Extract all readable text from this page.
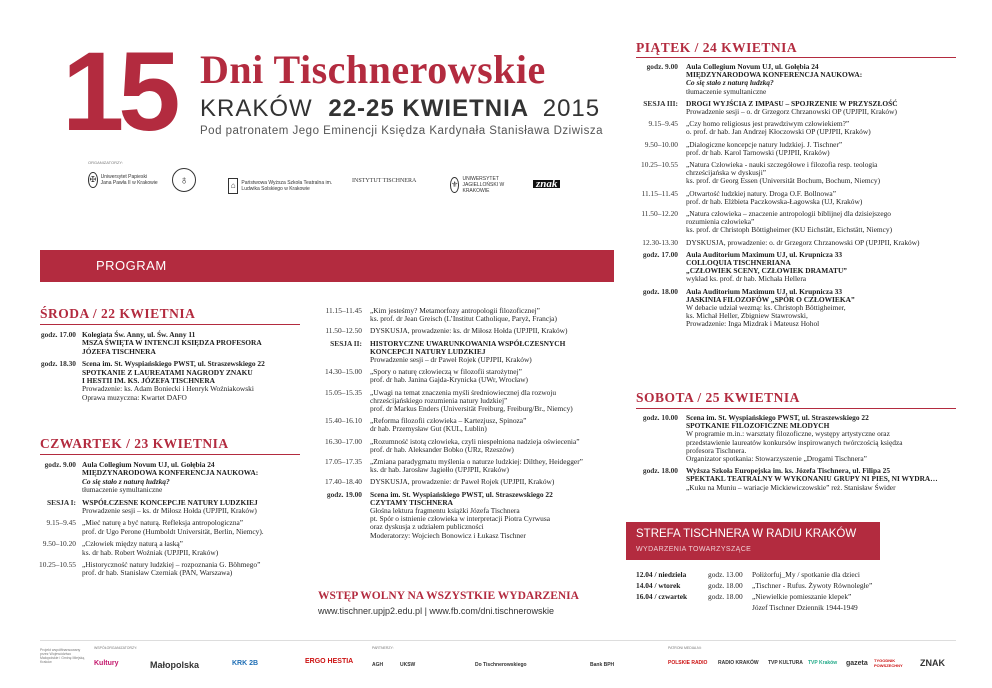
15 Dni Tischnerowskie
KRAKÓW 22-25 KWIETNIA 2015
Pod patronatem Jego Eminencji Księdza Kardynała Stanisława Dziwisza
ORGANIZATORZY:
✠ Uniwersytet Papieski Jana Pawła II w Krakowie	♁	⌂	Państwowa Wyższa Szkoła Teatralna im. Ludwika Solskiego w Krakowie
INSTYTUT TISCHNERA	⚜
UNIWERSYTET JAGIELLOŃSKI W KRAKOWIE
znak
PROGRAM
ŚRODA / 22 KWIETNIA
godz. 17.00 Kolegiata Św. Anny, ul. Św. Anny 11
MSZA ŚWIĘTA W INTENCJI KSIĘDZA PROFESORA
JÓZEFA TISCHNERA
godz. 18.30 Scena im. St. Wyspiańskiego PWST, ul. Straszewskiego 22
SPOTKANIE Z LAUREATAMI NAGRODY ZNAKU
I HESTII IM. KS. JÓZEFA TISCHNERA
Prowadzenie: ks. Adam Boniecki i Henryk Woźniakowski
Oprawa muzyczna: Kwartet DAFO
CZWARTEK / 23 KWIETNIA
godz. 9.00 Aula Collegium Novum UJ, ul. Gołębia 24
MIĘDZYNARODOWA KONFERENCJA NAUKOWA:
Co się stało z naturą ludzką?
tłumaczenie symultaniczne
SESJA I: WSPÓŁCZESNE KONCEPCJE NATURY LUDZKIEJ
Prowadzenie sesji – ks. dr Miłosz Hołda (UPJPII, Kraków)
9.15–9.45 „Mieć naturę a być naturą. Refleksja antropologiczna”
prof. dr Ugo Perone (Humboldt Universität, Berlin, Niemcy).
9.50–10.20 „Człowiek między naturą a łaską”
ks. dr hab. Robert Woźniak (UPJPII, Kraków)
10.25–10.55 „Historyczność natury ludzkiej – rozpoznania G. Böhmego”
prof. dr hab. Stanisław Czerniak (PAN, Warszawa)
11.15–11.45 „Kim jesteśmy? Metamorfozy antropologii filozoficznej”
ks. prof. dr Jean Greisch (L’Institut Catholique, Paryż, Francja)
11.50–12.50 DYSKUSJA, prowadzenie: ks. dr Miłosz Hołda (UPJPII, Kraków)
SESJA II: HISTORYCZNE UWARUNKOWANIA WSPÓŁCZESNYCH
KONCEPCJI NATURY LUDZKIEJ
Prowadzenie sesji – dr Paweł Rojek (UPJPII, Kraków)
14.30–15.00 „Spory o naturę człowieczą w filozofii starożytnej”
prof. dr hab. Janina Gajda-Krynicka (UWr, Wrocław)
15.05–15.35 „Uwagi na temat znaczenia myśli średniowiecznej dla rozwoju
chrześcijańskiego rozumienia natury ludzkiej”
prof. dr Markus Enders (Universität Freiburg, Freiburg/Br., Niemcy)
15.40–16.10 „Reforma filozofii człowieka – Kartezjusz, Spinoza”
dr hab. Przemysław Gut (KUL, Lublin)
16.30–17.00 „Rozumność istotą człowieka, czyli niespełniona nadzieja oświecenia”
prof. dr hab. Aleksander Bobko (URz, Rzeszów)
17.05–17.35 „Zmiana paradygmatu myślenia o naturze ludzkiej: Dilthey, Heidegger”
ks. dr hab. Jarosław Jagiełło (UPJPII, Kraków)
17.40–18.40 DYSKUSJA, prowadzenie: dr Paweł Rojek (UPJPII, Kraków)
godz. 19.00 Scena im. St. Wyspiańskiego PWST, ul. Straszewskiego 22
CZYTAMY TISCHNERA
Głośna lektura fragmentu książki Józefa Tischnera
pt. Spór o istnienie człowieka w interpretacji Piotra Cyrwusa
oraz dyskusja z udziałem publiczności
Moderatorzy: Wojciech Bonowicz i Łukasz Tischner
WSTĘP WOLNY NA WSZYSTKIE WYDARZENIA
www.tischner.upjp2.edu.pl | www.fb.com/dni.tischnerowskie
PIĄTEK / 24 KWIETNIA
godz. 9.00 Aula Collegium Novum UJ, ul. Gołębia 24
MIĘDZYNARODOWA KONFERENCJA NAUKOWA:
Co się stało z naturą ludzką?
tłumaczenie symultaniczne
SESJA III: DROGI WYJŚCIA Z IMPASU – SPOJRZENIE W PRZYSZŁOŚĆ
Prowadzenie sesji – o. dr Grzegorz Chrzanowski OP (UPJPII, Kraków)
9.15–9.45 „Czy homo religiosus jest prawdziwym człowiekiem?”
o. prof. dr hab. Jan Andrzej Kłoczowski OP (UPJPII, Kraków)
9.50–10.00 „Dialogiczne koncepcje natury ludzkiej. J. Tischner”
prof. dr hab. Karol Tarnowski (UPJPII, Kraków)
10.25–10.55 „Natura Człowieka - nauki szczegółowe i filozofia resp. teologia
chrześcijańska w dyskusji”
ks. prof. dr Georg Essen (Universität Bochum, Bochum, Niemcy)
11.15–11.45 „Otwartość ludzkiej natury. Droga O.F. Bollnowa”
prof. dr hab. Elżbieta Paczkowska-Łagowska (UJ, Kraków)
11.50–12.20 „Natura człowieka – znaczenie antropologii biblijnej dla dzisiejszego
rozumienia człowieka”
ks. prof. dr Christoph Böttigheimer (KU Eichstätt, Eichstätt, Niemcy)
12.30-13.30 DYSKUSJA, prowadzenie: o. dr Grzegorz Chrzanowski OP (UPJPII, Kraków)
godz. 17.00 Aula Auditorium Maximum UJ, ul. Krupnicza 33
COLLOQUIA TISCHNERIANA
„CZŁOWIEK SCENY, CZŁOWIEK DRAMATU”
wykład ks. prof. dr hab. Michała Hellera
godz. 18.00 Aula Auditorium Maximum UJ, ul. Krupnicza 33
JASKINIA FILOZOFÓW „SPÓR O CZŁOWIEKA”
W debacie udział wezmą: ks. Christoph Böttigheimer,
ks. Michał Heller, Zbigniew Stawrowski,
Prowadzenie: Inga Mizdrak i Mateusz Hohol
SOBOTA / 25 KWIETNIA
godz. 10.00 Scena im. St. Wyspiańskiego PWST, ul. Straszewskiego 22
SPOTKANIE FILOZOFICZNE MŁODYCH
W programie m.in.: warsztaty filozoficzne, występy artystyczne oraz
przedstawienie laureatów konkursów inspirowanych twórczością księdza
profesora Tischnera.
Organizator spotkania: Stowarzyszenie „Drogami Tischnera”
godz. 18.00 Wyższa Szkoła Europejska im. ks. Józefa Tischnera, ul. Filipa 25
SPEKTAKL TEATRALNY W WYKONANIU GRUPY NI PIES, NI WYDRA…
„Kuku na Muniu – wariacje Mickiewiczowskie” reż. Stanisław Świder
STREFA TISCHNERA W RADIU KRAKÓW
WYDARZENIA TOWARZYSZĄCE
12.04 / niedziela	godz. 13.00 Połiżorfuj_My / spotkanie dla dzieci
14.04 / wtorek	godz. 18.00 „Tischner - Rufus. Żywoty Równoległe”
16.04 / czwartek	godz. 18.00 „Niewielkie pomieszanie klepek”
Józef Tischner Dziennik 1944-1949
Projekt współfinansowany przez Województwo Małopolskie i Gminę Miejską Kraków
WSPÓŁORGANIZATORZY:
Kultury	Małopolska	KRK 2B	ERGO HESTIA
PARTNERZY:
AGH	UKSW	Do Tischnerowskiego	Bank BPH
PATRONI MEDIALNI:
POLSKIE RADIO RADIO KRAKÓW TVP KULTURA TVP Kraków gazeta TYGODNIK POWSZECHNY ZNAK
